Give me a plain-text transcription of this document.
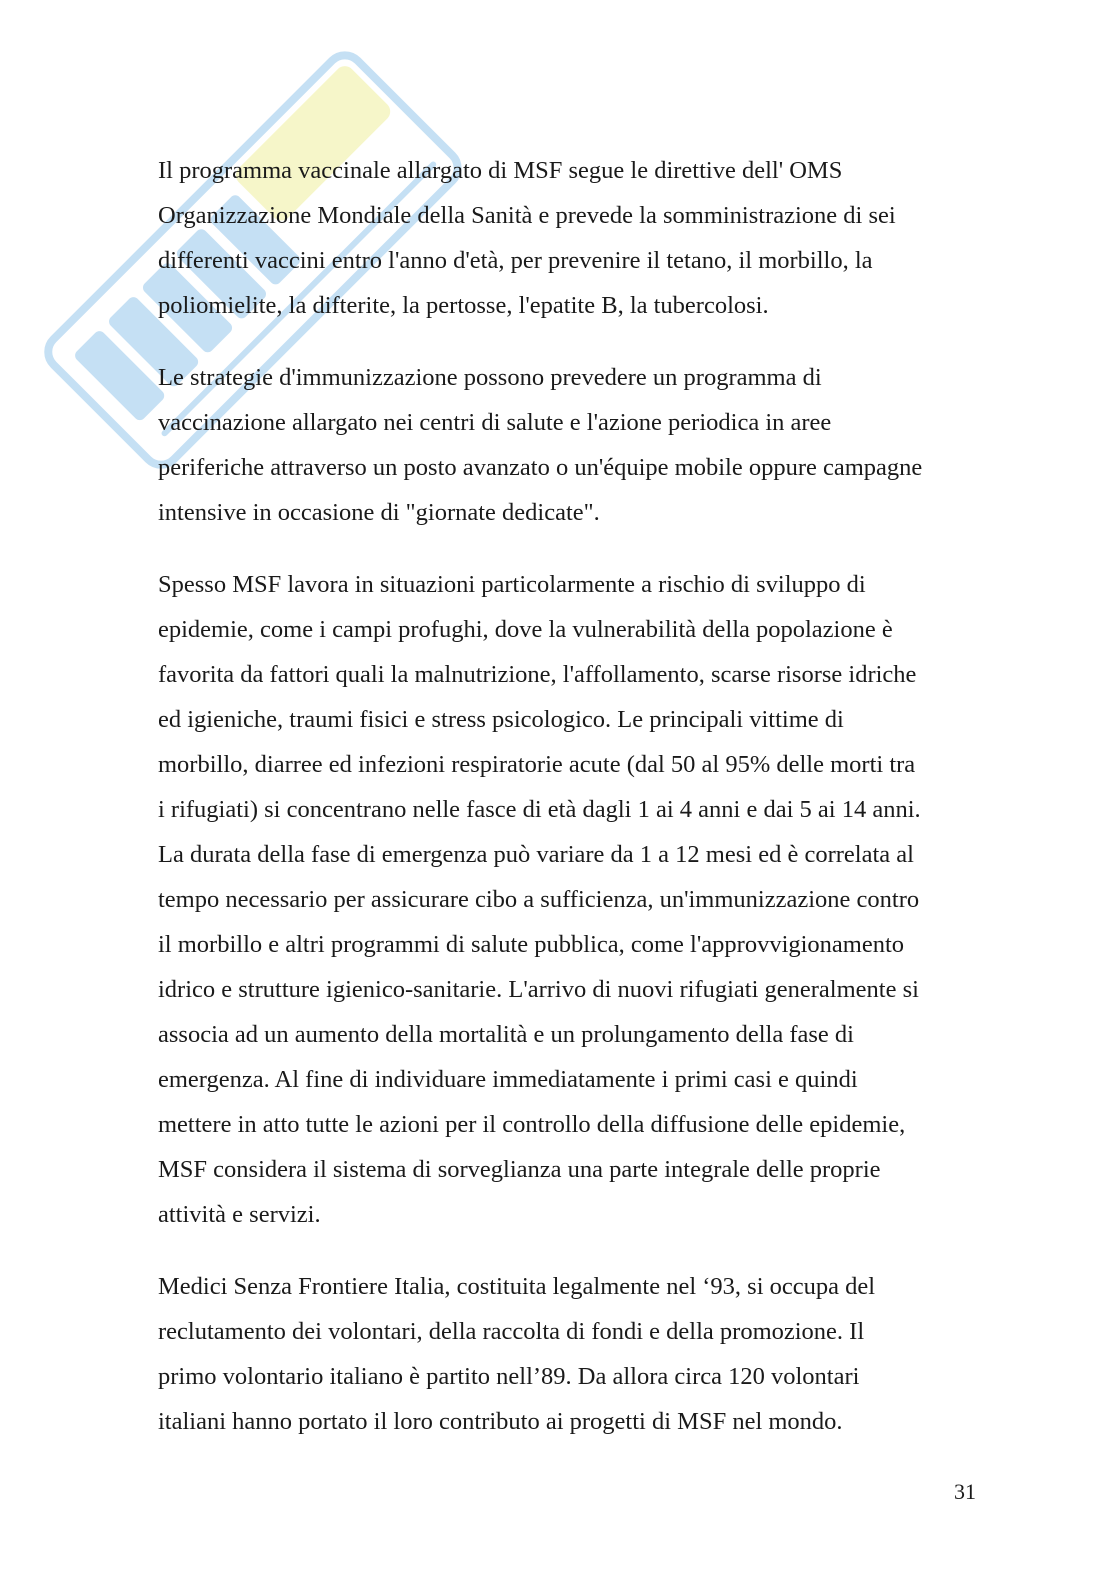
Il programma vaccinale allargato di MSF segue le direttive dell' OMS
Organizzazione Mondiale della Sanità e prevede la somministrazione di sei
differenti vaccini entro l'anno d'età, per prevenire il tetano, il morbillo, la
poliomielite, la difterite, la pertosse, l'epatite B, la tubercolosi.

Le strategie d'immunizzazione possono prevedere un programma di
vaccinazione allargato nei centri di salute e l'azione periodica in aree
periferiche attraverso un posto avanzato o un'équipe mobile oppure campagne
intensive in occasione di "giornate dedicate".

Spesso MSF lavora in situazioni particolarmente a rischio di sviluppo di
epidemie, come i campi profughi, dove la vulnerabilità della popolazione è
favorita da fattori quali la malnutrizione, l'affollamento, scarse risorse idriche
ed igieniche, traumi fisici e stress psicologico. Le principali vittime di
morbillo, diarree ed infezioni respiratorie acute (dal 50 al 95% delle morti tra
i rifugiati) si concentrano nelle fasce di età dagli 1 ai 4 anni e dai 5 ai 14 anni.
La durata della fase di emergenza può variare da 1 a 12 mesi ed è correlata al
tempo necessario per assicurare cibo a sufficienza, un'immunizzazione contro
il morbillo e altri programmi di salute pubblica, come l'approvvigionamento
idrico e strutture igienico-sanitarie. L'arrivo di nuovi rifugiati generalmente si
associa ad un aumento della mortalità e un prolungamento della fase di
emergenza. Al fine di individuare immediatamente i primi casi e quindi
mettere in atto tutte le azioni per il controllo della diffusione delle epidemie,
MSF considera il sistema di sorveglianza una parte integrale delle proprie
attività e servizi.

Medici Senza Frontiere Italia, costituita legalmente nel ‘93, si occupa del
reclutamento dei volontari, della raccolta di fondi e della promozione. Il
primo volontario italiano è partito nell’89. Da allora circa 120 volontari
italiani hanno portato il loro contributo ai progetti di MSF nel mondo.

31
